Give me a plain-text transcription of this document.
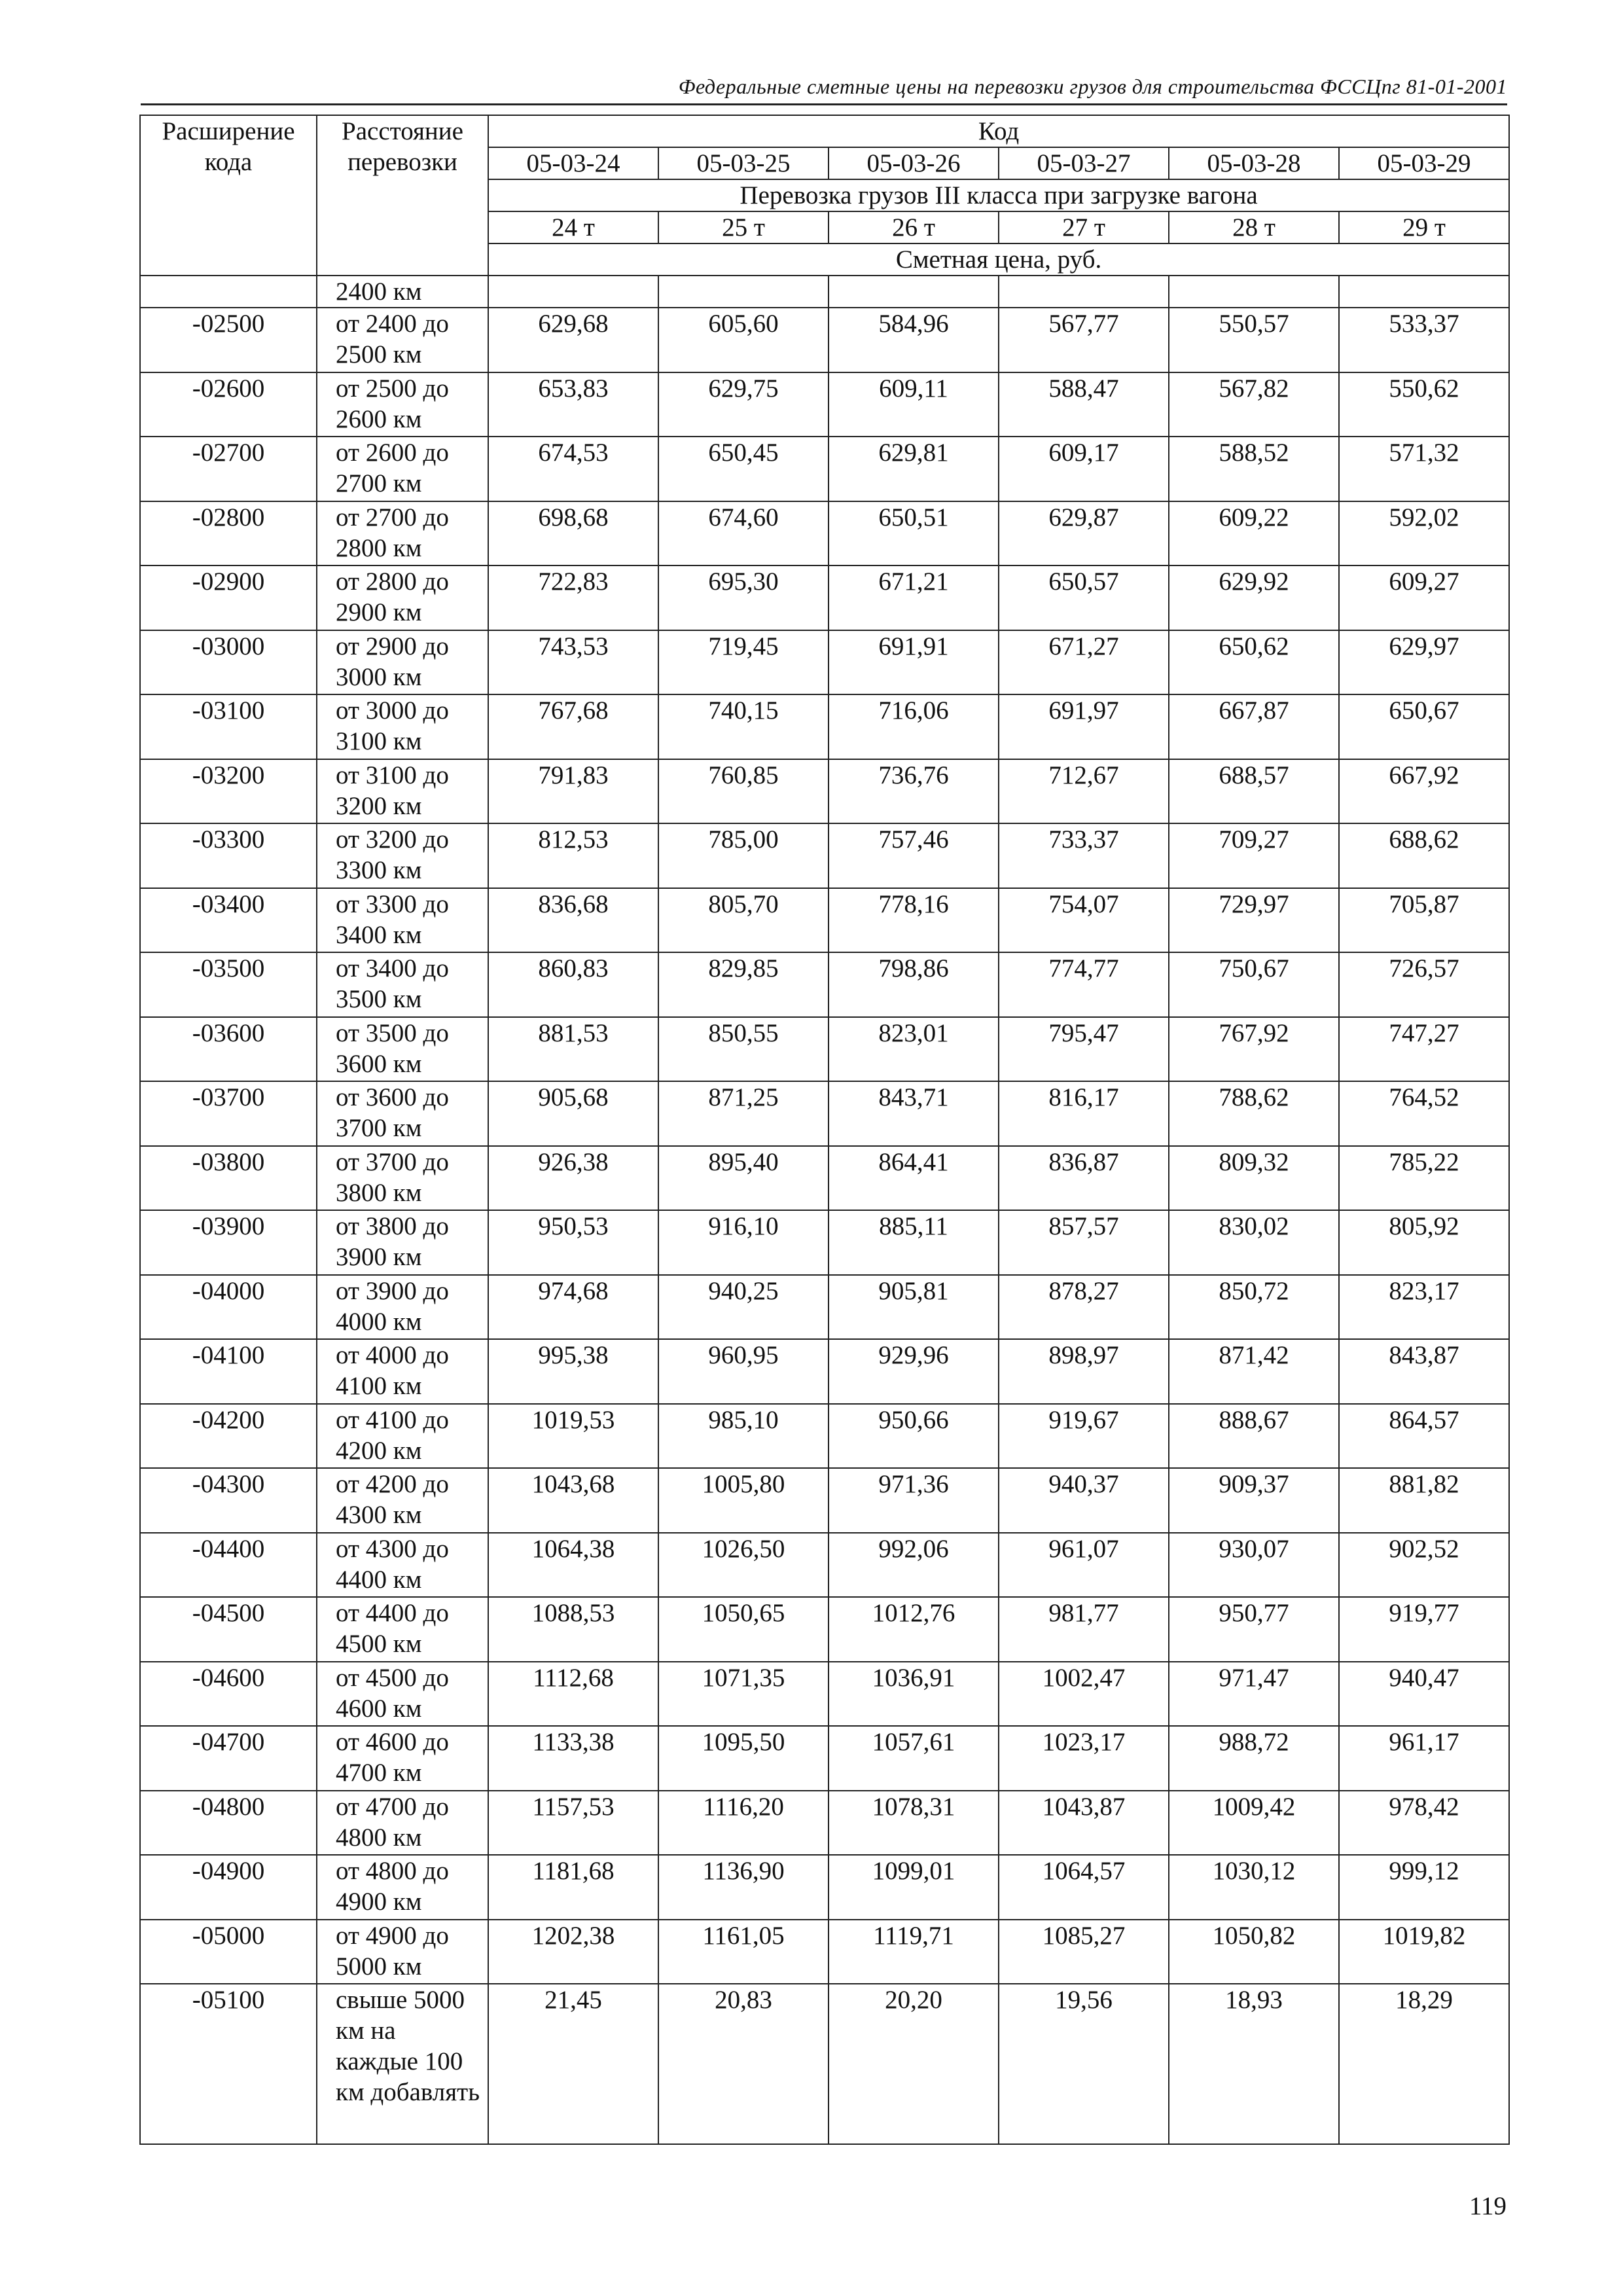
Федеральные сметные цены на перевозки грузов для строительства ФССЦпг 81-01-2001
Расширение кода	Расстояние перевозки	Код					
		05-03-24	05-03-25	05-03-26	05-03-27	05-03-28	05-03-29
		Перевозка грузов III класса при загрузке вагона					
		24 т	25 т	26 т	27 т	28 т	29 т
		Сметная цена, руб.					
	2400 км						
-02500	от 2400 до 2500 км	629,68	605,60	584,96	567,77	550,57	533,37
-02600	от 2500 до 2600 км	653,83	629,75	609,11	588,47	567,82	550,62
-02700	от 2600 до 2700 км	674,53	650,45	629,81	609,17	588,52	571,32
-02800	от 2700 до 2800 км	698,68	674,60	650,51	629,87	609,22	592,02
-02900	от 2800 до 2900 км	722,83	695,30	671,21	650,57	629,92	609,27
-03000	от 2900 до 3000 км	743,53	719,45	691,91	671,27	650,62	629,97
-03100	от 3000 до 3100 км	767,68	740,15	716,06	691,97	667,87	650,67
-03200	от 3100 до 3200 км	791,83	760,85	736,76	712,67	688,57	667,92
-03300	от 3200 до 3300 км	812,53	785,00	757,46	733,37	709,27	688,62
-03400	от 3300 до 3400 км	836,68	805,70	778,16	754,07	729,97	705,87
-03500	от 3400 до 3500 км	860,83	829,85	798,86	774,77	750,67	726,57
-03600	от 3500 до 3600 км	881,53	850,55	823,01	795,47	767,92	747,27
-03700	от 3600 до 3700 км	905,68	871,25	843,71	816,17	788,62	764,52
-03800	от 3700 до 3800 км	926,38	895,40	864,41	836,87	809,32	785,22
-03900	от 3800 до 3900 км	950,53	916,10	885,11	857,57	830,02	805,92
-04000	от 3900 до 4000 км	974,68	940,25	905,81	878,27	850,72	823,17
-04100	от 4000 до 4100 км	995,38	960,95	929,96	898,97	871,42	843,87
-04200	от 4100 до 4200 км	1019,53	985,10	950,66	919,67	888,67	864,57
-04300	от 4200 до 4300 км	1043,68	1005,80	971,36	940,37	909,37	881,82
-04400	от 4300 до 4400 км	1064,38	1026,50	992,06	961,07	930,07	902,52
-04500	от 4400 до 4500 км	1088,53	1050,65	1012,76	981,77	950,77	919,77
-04600	от 4500 до 4600 км	1112,68	1071,35	1036,91	1002,47	971,47	940,47
-04700	от 4600 до 4700 км	1133,38	1095,50	1057,61	1023,17	988,72	961,17
-04800	от 4700 до 4800 км	1157,53	1116,20	1078,31	1043,87	1009,42	978,42
-04900	от 4800 до 4900 км	1181,68	1136,90	1099,01	1064,57	1030,12	999,12
-05000	от 4900 до 5000 км	1202,38	1161,05	1119,71	1085,27	1050,82	1019,82
-05100	свыше 5000 км на каждые 100 км добавлять	21,45	20,83	20,20	19,56	18,93	18,29
119
